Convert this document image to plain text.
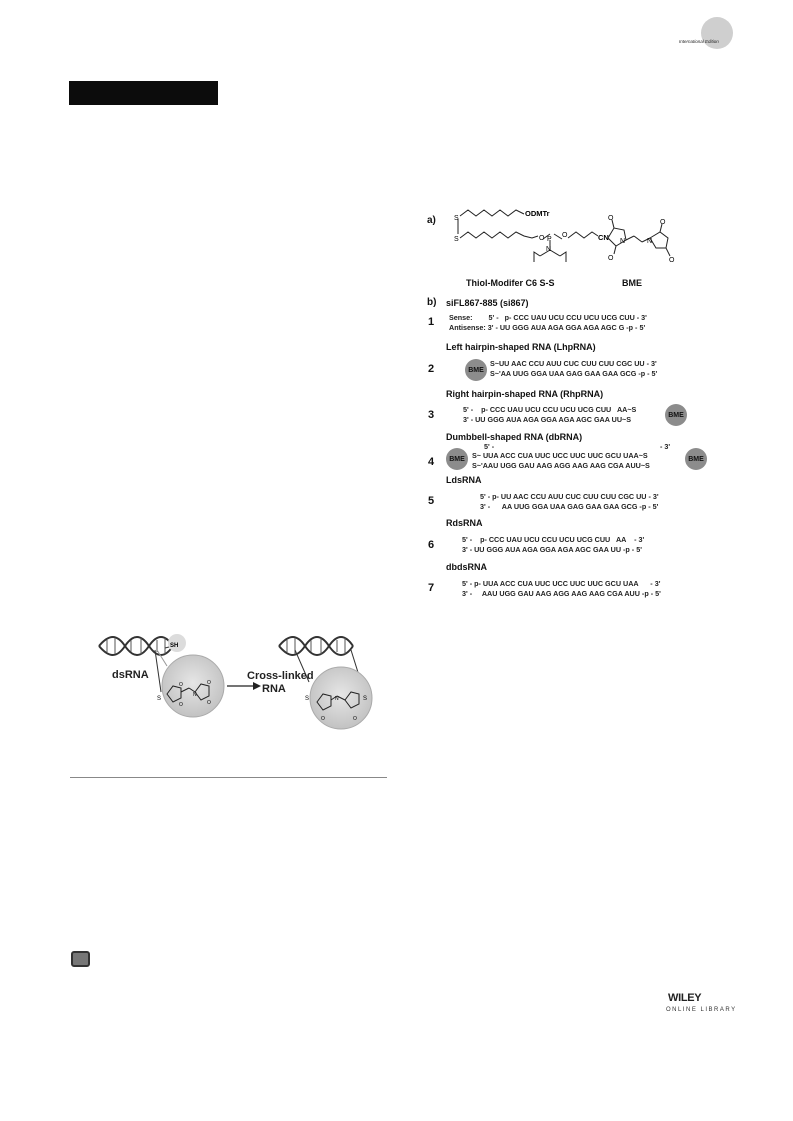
International Edition
a)	S
S
ODMTr
O P
O
N
CN
O
O
N	N
O
O
Thiol-Modifer C6 S-S	BME
b) siFL867-885 (si867)
1 Sense:        5' -   p- CCC UAU UCU CCU UCU UCG CUU - 3'
Antisense: 3' - UU GGG AUA AGA GGA AGA AGC G -p - 5'
Left hairpin-shaped RNA (LhpRNA)
2	BME
S~UU AAC CCU AUU CUC CUU CUU CGC UU - 3'
S~'AA UUG GGA UAA GAG GAA GAA GCG -p - 5'
Right hairpin-shaped RNA (RhpRNA)
3	5' -    p- CCC UAU UCU CCU UCU UCG CUU   AA~S
3' - UU GGG AUA AGA GGA AGA AGC GAA UU~S	BME
Dumbbell-shaped RNA (dbRNA)
5' -	- 3'
4	BME	S~ UUA ACC CUA UUC UCC UUC UUC GCU UAA~S
S~'AAU UGG GAU AAG AGG AAG AAG CGA AUU~S
BME
LdsRNA
5	5' - p- UU AAC CCU AUU CUC CUU CUU CGC UU - 3'
3' -      AA UUG GGA UAA GAG GAA GAA GCG -p - 5'
RdsRNA
6	5' -    p- CCC UAU UCU CCU UCU UCG CUU   AA    - 3'
3' - UU GGG AUA AGA GGA AGA AGC GAA UU -p - 5'
dbdsRNA
7	5' - p- UUA ACC CUA UUC UCC UUC UUC GCU UAA      - 3'
3' -     AAU UGG GAU AAG AGG AAG AAG CGA AUU -p - 5'
SH
S
O
O
N
O
O
S	S
N
O	O
dsRNA	Cross-linked
RNA
WILEY
ONLINE LIBRARY
